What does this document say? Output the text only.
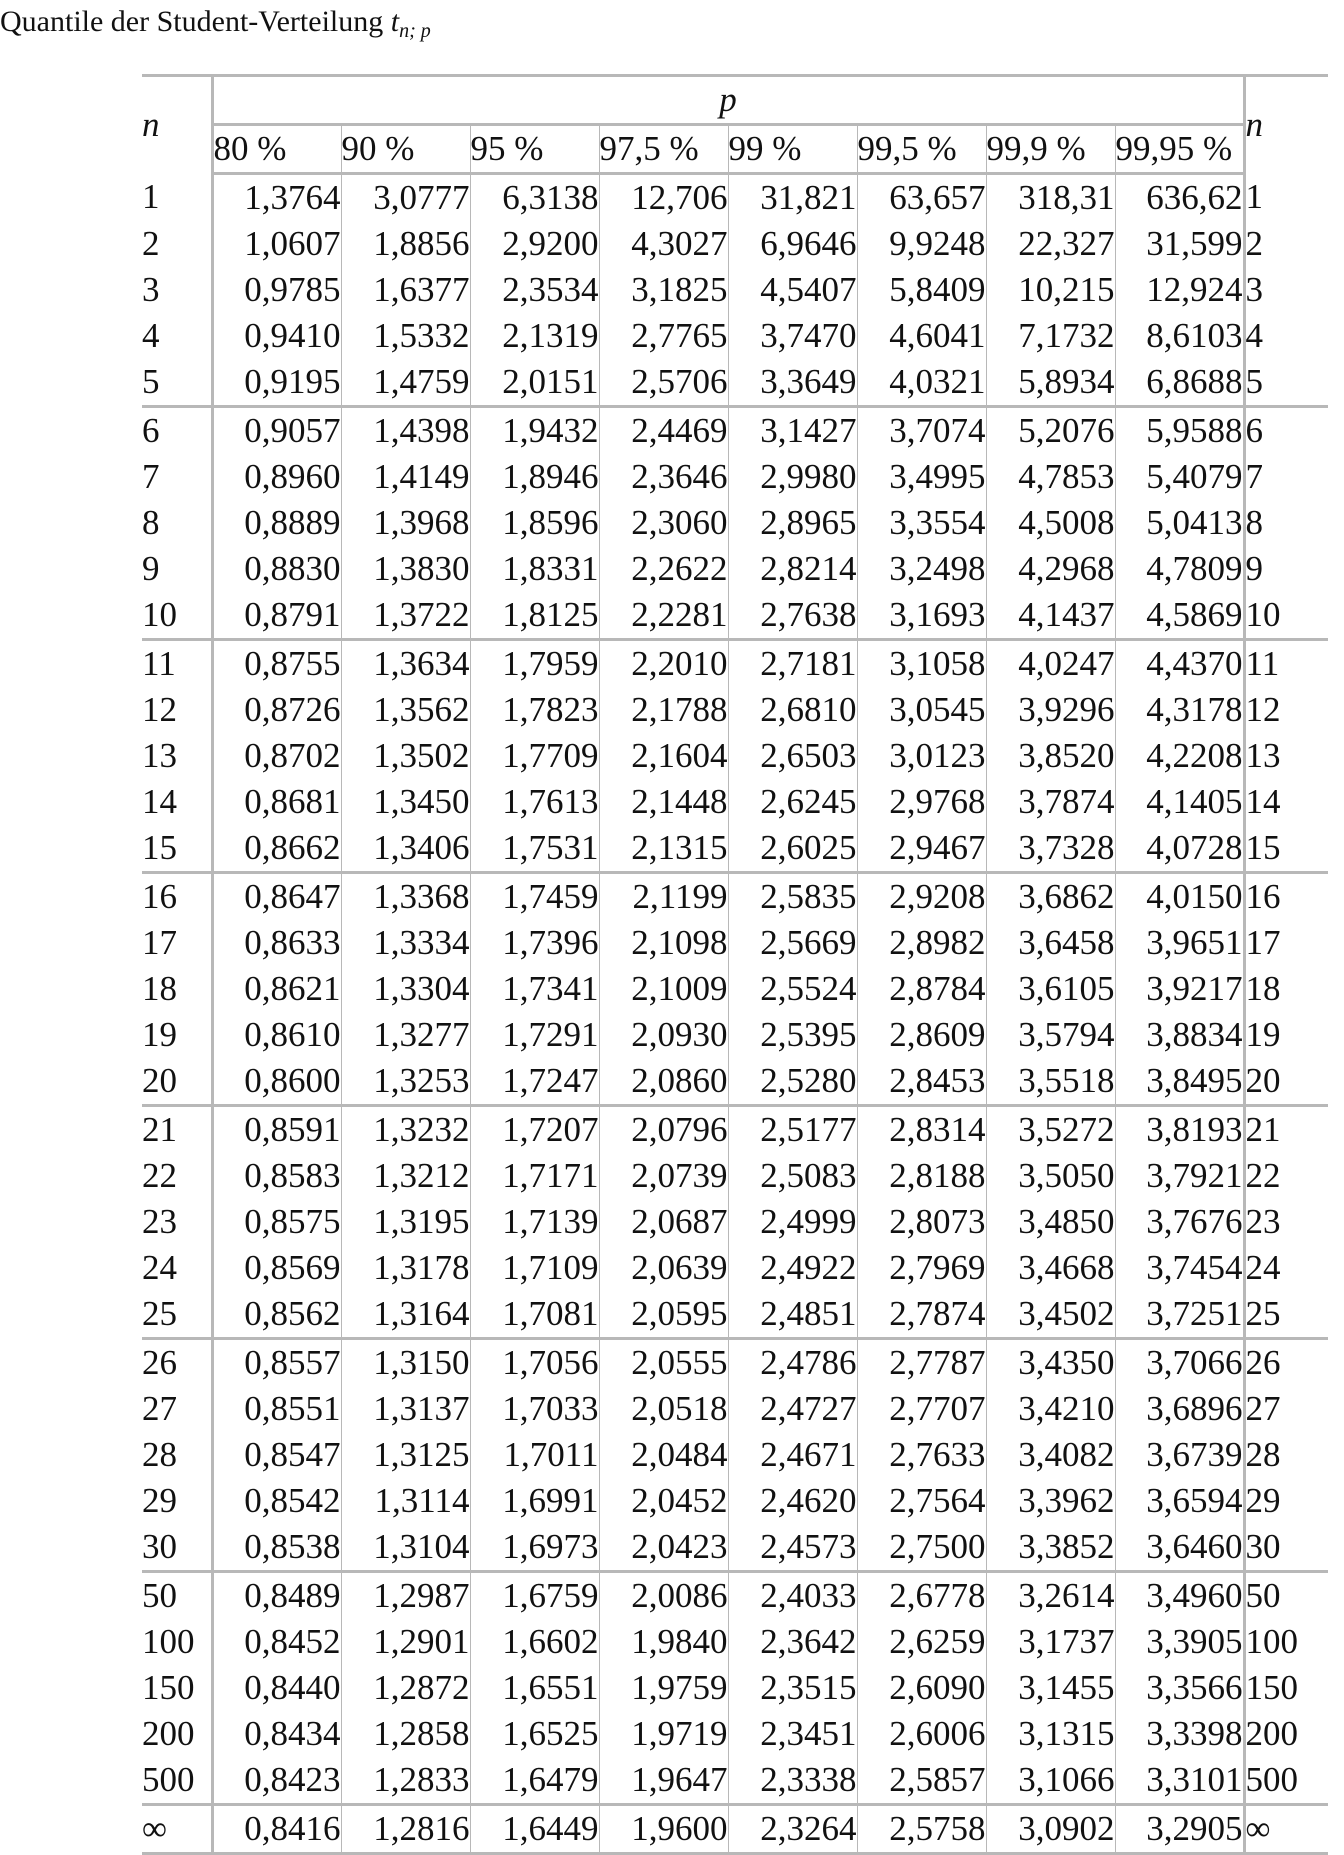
Quantile der Student-Verteilung $t_{n; p}$
n	p								n
	80 %	90 %	95 %	97,5 %	99 %	99,5 %	99,9 %	99,95 %	
1	1,3764	3,0777	6,3138	12,706	31,821	63,657	318,31	636,62	1
2	1,0607	1,8856	2,9200	4,3027	6,9646	9,9248	22,327	31,599	2
3	0,9785	1,6377	2,3534	3,1825	4,5407	5,8409	10,215	12,924	3
4	0,9410	1,5332	2,1319	2,7765	3,7470	4,6041	7,1732	8,6103	4
5	0,9195	1,4759	2,0151	2,5706	3,3649	4,0321	5,8934	6,8688	5
6	0,9057	1,4398	1,9432	2,4469	3,1427	3,7074	5,2076	5,9588	6
7	0,8960	1,4149	1,8946	2,3646	2,9980	3,4995	4,7853	5,4079	7
8	0,8889	1,3968	1,8596	2,3060	2,8965	3,3554	4,5008	5,0413	8
9	0,8830	1,3830	1,8331	2,2622	2,8214	3,2498	4,2968	4,7809	9
10	0,8791	1,3722	1,8125	2,2281	2,7638	3,1693	4,1437	4,5869	10
11	0,8755	1,3634	1,7959	2,2010	2,7181	3,1058	4,0247	4,4370	11
12	0,8726	1,3562	1,7823	2,1788	2,6810	3,0545	3,9296	4,3178	12
13	0,8702	1,3502	1,7709	2,1604	2,6503	3,0123	3,8520	4,2208	13
14	0,8681	1,3450	1,7613	2,1448	2,6245	2,9768	3,7874	4,1405	14
15	0,8662	1,3406	1,7531	2,1315	2,6025	2,9467	3,7328	4,0728	15
16	0,8647	1,3368	1,7459	2,1199	2,5835	2,9208	3,6862	4,0150	16
17	0,8633	1,3334	1,7396	2,1098	2,5669	2,8982	3,6458	3,9651	17
18	0,8621	1,3304	1,7341	2,1009	2,5524	2,8784	3,6105	3,9217	18
19	0,8610	1,3277	1,7291	2,0930	2,5395	2,8609	3,5794	3,8834	19
20	0,8600	1,3253	1,7247	2,0860	2,5280	2,8453	3,5518	3,8495	20
21	0,8591	1,3232	1,7207	2,0796	2,5177	2,8314	3,5272	3,8193	21
22	0,8583	1,3212	1,7171	2,0739	2,5083	2,8188	3,5050	3,7921	22
23	0,8575	1,3195	1,7139	2,0687	2,4999	2,8073	3,4850	3,7676	23
24	0,8569	1,3178	1,7109	2,0639	2,4922	2,7969	3,4668	3,7454	24
25	0,8562	1,3164	1,7081	2,0595	2,4851	2,7874	3,4502	3,7251	25
26	0,8557	1,3150	1,7056	2,0555	2,4786	2,7787	3,4350	3,7066	26
27	0,8551	1,3137	1,7033	2,0518	2,4727	2,7707	3,4210	3,6896	27
28	0,8547	1,3125	1,7011	2,0484	2,4671	2,7633	3,4082	3,6739	28
29	0,8542	1,3114	1,6991	2,0452	2,4620	2,7564	3,3962	3,6594	29
30	0,8538	1,3104	1,6973	2,0423	2,4573	2,7500	3,3852	3,6460	30
50	0,8489	1,2987	1,6759	2,0086	2,4033	2,6778	3,2614	3,4960	50
100	0,8452	1,2901	1,6602	1,9840	2,3642	2,6259	3,1737	3,3905	100
150	0,8440	1,2872	1,6551	1,9759	2,3515	2,6090	3,1455	3,3566	150
200	0,8434	1,2858	1,6525	1,9719	2,3451	2,6006	3,1315	3,3398	200
500	0,8423	1,2833	1,6479	1,9647	2,3338	2,5857	3,1066	3,3101	500
∞	0,8416	1,2816	1,6449	1,9600	2,3264	2,5758	3,0902	3,2905	∞
